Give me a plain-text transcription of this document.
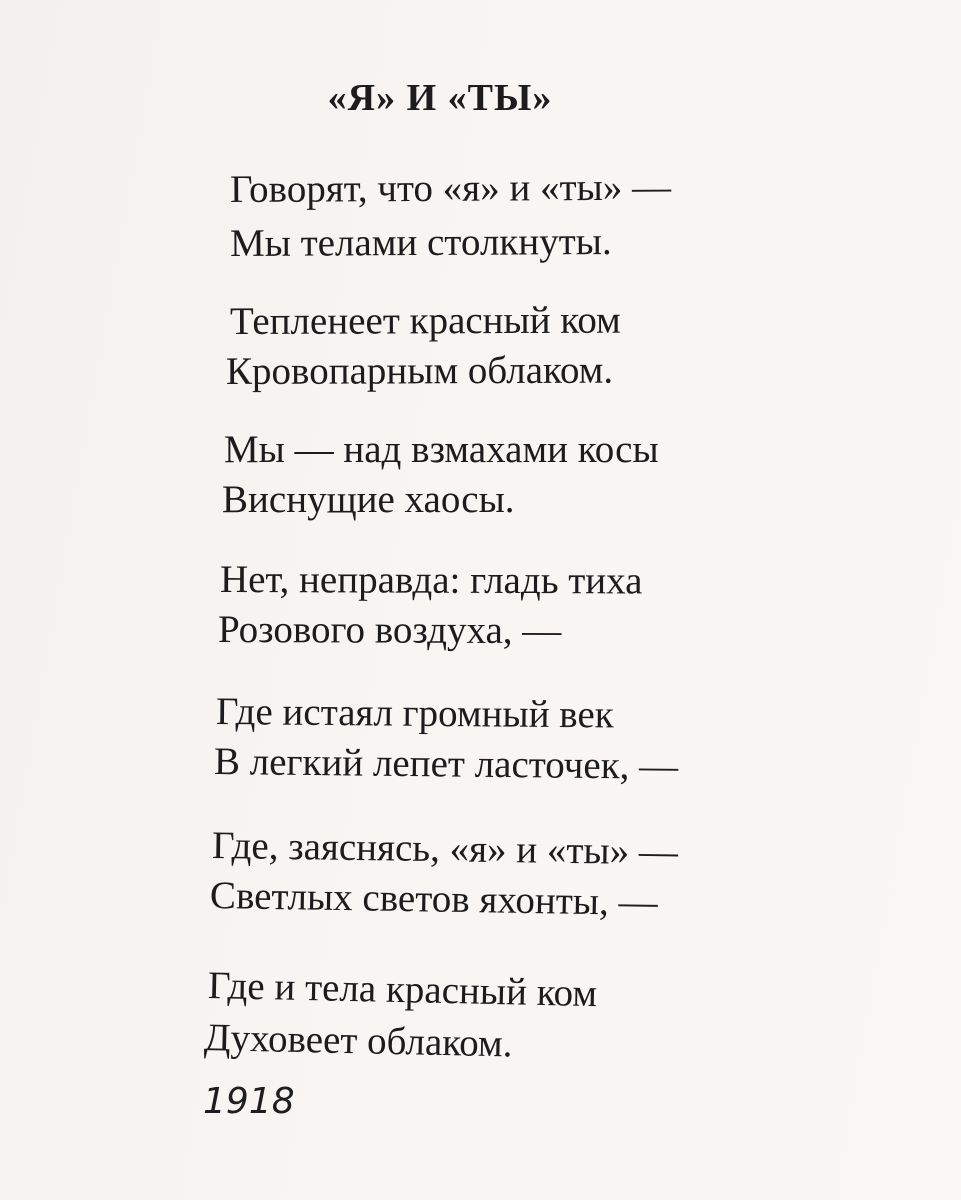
«Я» И «ТЫ»
Говорят, что «я» и «ты» —
Мы телами столкнуты.
Тепленеет красный ком
Кровопарным облаком.
Мы — над взмахами косы
Виснущие хаосы.
Нет, неправда: гладь тиха
Розового воздуха, —
Где истаял громный век
В легкий лепет ласточек, —
Где, заяснясь, «я» и «ты» —
Светлых светов яхонты, —
Где и тела красный ком
Духовеет облаком.
1918
